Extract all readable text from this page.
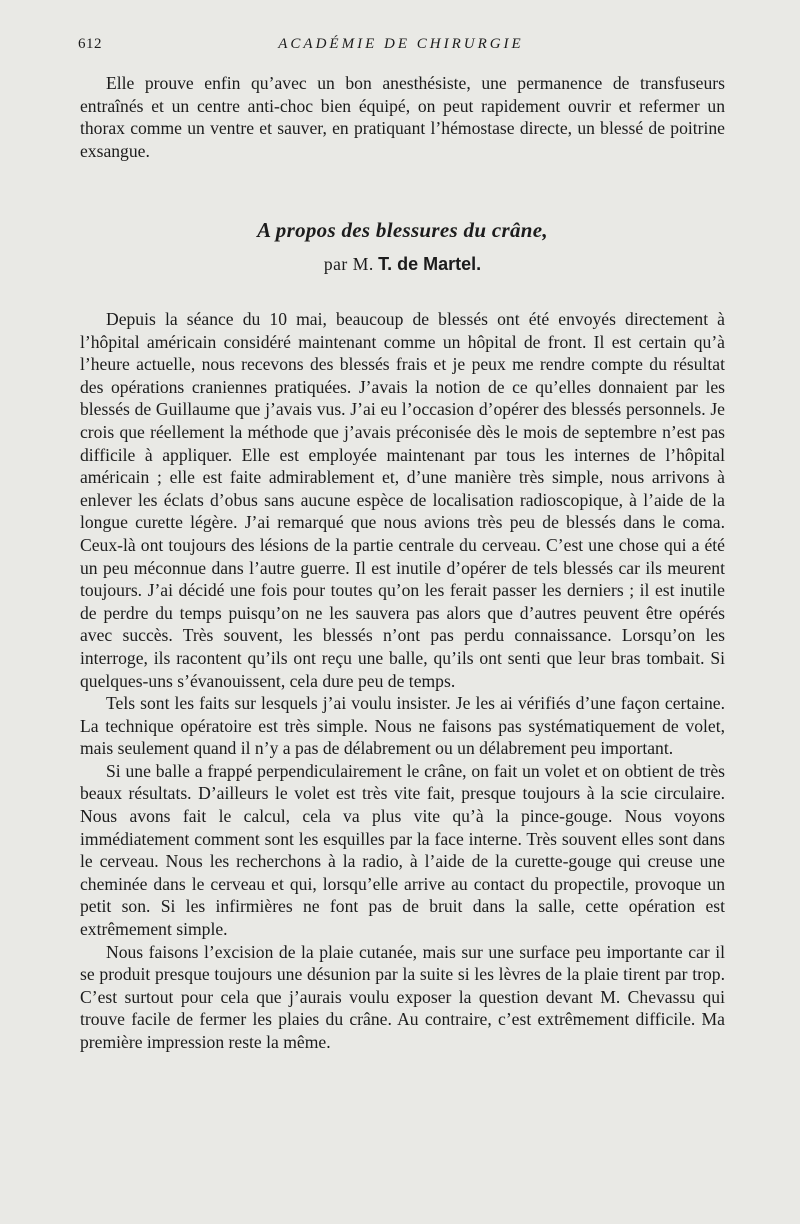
612	ACADÉMIE DE CHIRURGIE

Elle prouve enfin qu’avec un bon anesthésiste, une permanence de transfuseurs entraînés et un centre anti-choc bien équipé, on peut rapidement ouvrir et refermer un thorax comme un ventre et sauver, en pratiquant l’hémostase directe, un blessé de poitrine exsangue.

A propos des blessures du crâne,
par M. T. de Martel.

Depuis la séance du 10 mai, beaucoup de blessés ont été envoyés directement à l’hôpital américain considéré maintenant comme un hôpital de front. Il est certain qu’à l’heure actuelle, nous recevons des blessés frais et je peux me rendre compte du résultat des opérations craniennes pratiquées. J’avais la notion de ce qu’elles donnaient par les blessés de Guillaume que j’avais vus. J’ai eu l’occasion d’opérer des blessés personnels. Je crois que réellement la méthode que j’avais préconisée dès le mois de septembre n’est pas difficile à appliquer. Elle est employée maintenant par tous les internes de l’hôpital américain ; elle est faite admirablement et, d’une manière très simple, nous arrivons à enlever les éclats d’obus sans aucune espèce de localisation radioscopique, à l’aide de la longue curette légère. J’ai remarqué que nous avions très peu de blessés dans le coma. Ceux-là ont toujours des lésions de la partie centrale du cerveau. C’est une chose qui a été un peu méconnue dans l’autre guerre. Il est inutile d’opérer de tels blessés car ils meurent toujours. J’ai décidé une fois pour toutes qu’on les ferait passer les derniers ; il est inutile de perdre du temps puisqu’on ne les sauvera pas alors que d’autres peuvent être opérés avec succès. Très souvent, les blessés n’ont pas perdu connaissance. Lorsqu’on les interroge, ils racontent qu’ils ont reçu une balle, qu’ils ont senti que leur bras tombait. Si quelques-uns s’évanouissent, cela dure peu de temps.

Tels sont les faits sur lesquels j’ai voulu insister. Je les ai vérifiés d’une façon certaine. La technique opératoire est très simple. Nous ne faisons pas systématiquement de volet, mais seulement quand il n’y a pas de délabrement ou un délabrement peu important.

Si une balle a frappé perpendiculairement le crâne, on fait un volet et on obtient de très beaux résultats. D’ailleurs le volet est très vite fait, presque toujours à la scie circulaire. Nous avons fait le calcul, cela va plus vite qu’à la pince-gouge. Nous voyons immédiatement comment sont les esquilles par la face interne. Très souvent elles sont dans le cerveau. Nous les recherchons à la radio, à l’aide de la curette-gouge qui creuse une cheminée dans le cerveau et qui, lorsqu’elle arrive au contact du propectile, provoque un petit son. Si les infirmières ne font pas de bruit dans la salle, cette opération est extrêmement simple.

Nous faisons l’excision de la plaie cutanée, mais sur une surface peu importante car il se produit presque toujours une désunion par la suite si les lèvres de la plaie tirent par trop. C’est surtout pour cela que j’aurais voulu exposer la question devant M. Chevassu qui trouve facile de fermer les plaies du crâne. Au contraire, c’est extrêmement difficile. Ma première impression reste la même.
